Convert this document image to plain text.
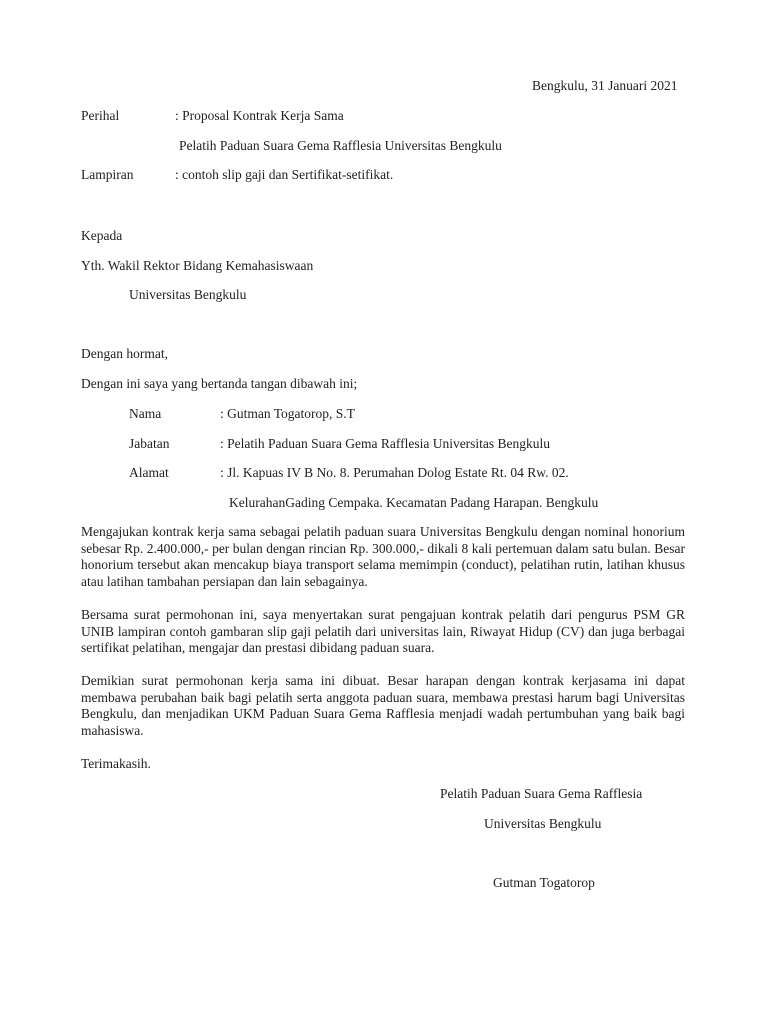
Bengkulu, 31 Januari 2021
Perihal	: Proposal Kontrak Kerja Sama
Pelatih Paduan Suara Gema Rafflesia Universitas Bengkulu
Lampiran	: contoh slip gaji dan Sertifikat-setifikat.
Kepada
Yth. Wakil Rektor Bidang Kemahasiswaan
Universitas Bengkulu
Dengan hormat,
Dengan ini saya yang bertanda tangan dibawah ini;
Nama	: Gutman Togatorop, S.T
Jabatan	: Pelatih Paduan Suara Gema Rafflesia Universitas Bengkulu
Alamat	: Jl. Kapuas IV B No. 8. Perumahan Dolog Estate Rt. 04 Rw. 02.
KelurahanGading Cempaka. Kecamatan Padang Harapan. Bengkulu
Mengajukan kontrak kerja sama sebagai pelatih paduan suara Universitas Bengkulu dengan nominal honorium sebesar Rp. 2.400.000,- per bulan dengan rincian Rp. 300.000,- dikali 8 kali pertemuan dalam satu bulan. Besar honorium tersebut akan mencakup biaya transport selama memimpin (conduct), pelatihan rutin, latihan khusus atau latihan tambahan persiapan dan lain sebagainya.
Bersama surat permohonan ini, saya menyertakan surat pengajuan kontrak pelatih dari pengurus PSM GR UNIB lampiran contoh gambaran slip gaji pelatih dari universitas lain, Riwayat Hidup (CV) dan juga berbagai sertifikat pelatihan, mengajar dan prestasi dibidang paduan suara.
Demikian surat permohonan kerja sama ini dibuat. Besar harapan dengan kontrak kerjasama ini dapat membawa perubahan baik bagi pelatih serta anggota paduan suara, membawa prestasi harum bagi Universitas Bengkulu, dan menjadikan UKM Paduan Suara Gema Rafflesia menjadi wadah pertumbuhan yang baik bagi mahasiswa.
Terimakasih.
Pelatih Paduan Suara Gema Rafflesia
Universitas Bengkulu
Gutman Togatorop
